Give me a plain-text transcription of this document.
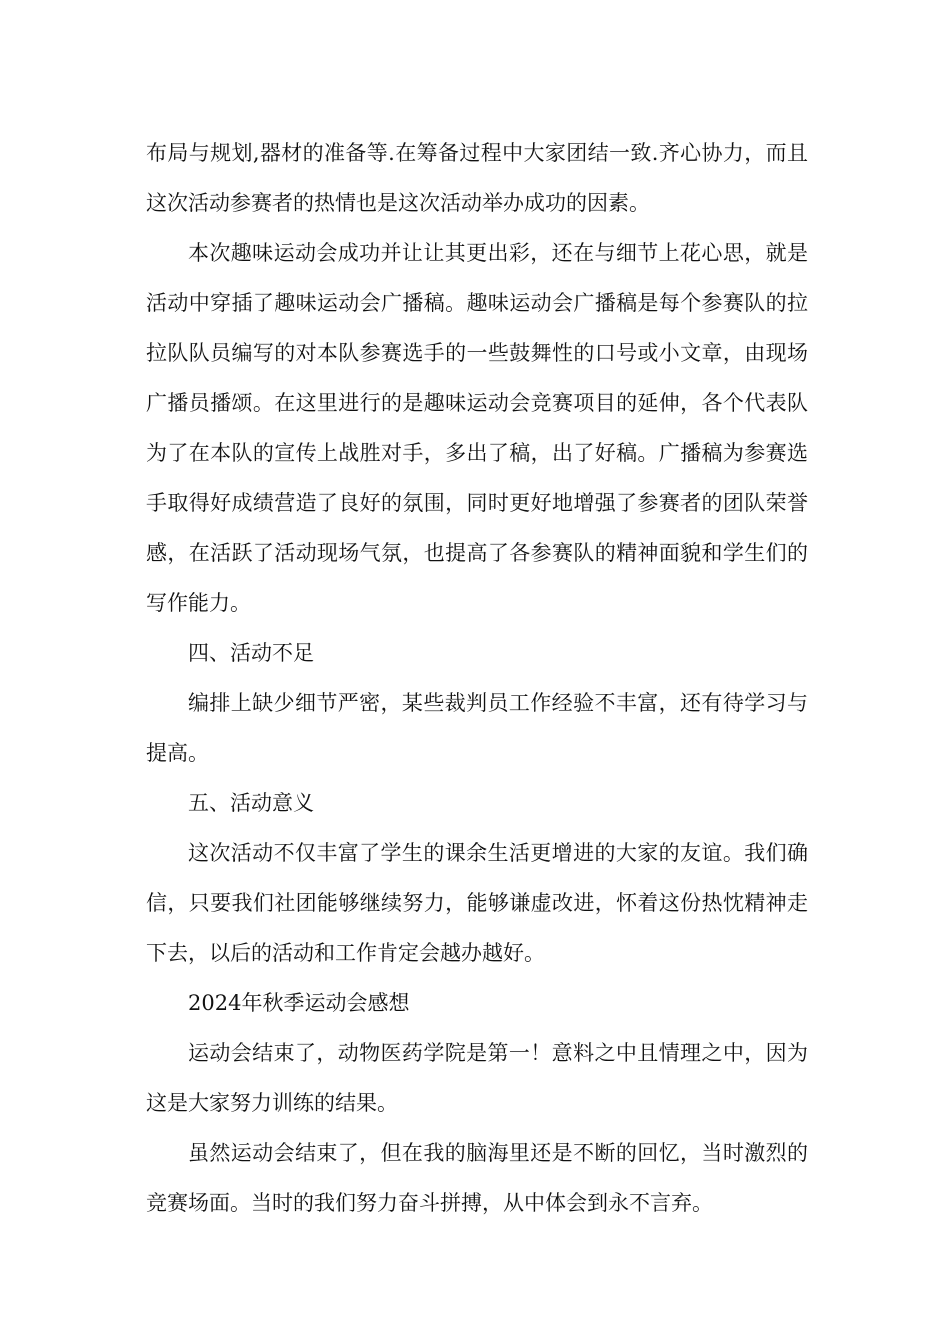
布局与规划,器材的准备等.在筹备过程中大家团结一致.齐心协力，而且这次活动参赛者的热情也是这次活动举办成功的因素。

本次趣味运动会成功并让让其更出彩，还在与细节上花心思，就是活动中穿插了趣味运动会广播稿。趣味运动会广播稿是每个参赛队的拉拉队队员编写的对本队参赛选手的一些鼓舞性的口号或小文章，由现场广播员播颂。在这里进行的是趣味运动会竞赛项目的延伸，各个代表队为了在本队的宣传上战胜对手，多出了稿，出了好稿。广播稿为参赛选手取得好成绩营造了良好的氛围，同时更好地增强了参赛者的团队荣誉感，在活跃了活动现场气氛，也提高了各参赛队的精神面貌和学生们的写作能力。

四、活动不足

编排上缺少细节严密，某些裁判员工作经验不丰富，还有待学习与提高。

五、活动意义

这次活动不仅丰富了学生的课余生活更增进的大家的友谊。我们确信，只要我们社团能够继续努力，能够谦虚改进，怀着这份热忱精神走下去，以后的活动和工作肯定会越办越好。

2024年秋季运动会感想

运动会结束了，动物医药学院是第一！意料之中且情理之中，因为这是大家努力训练的结果。

虽然运动会结束了，但在我的脑海里还是不断的回忆，当时激烈的竞赛场面。当时的我们努力奋斗拼搏，从中体会到永不言弃。
